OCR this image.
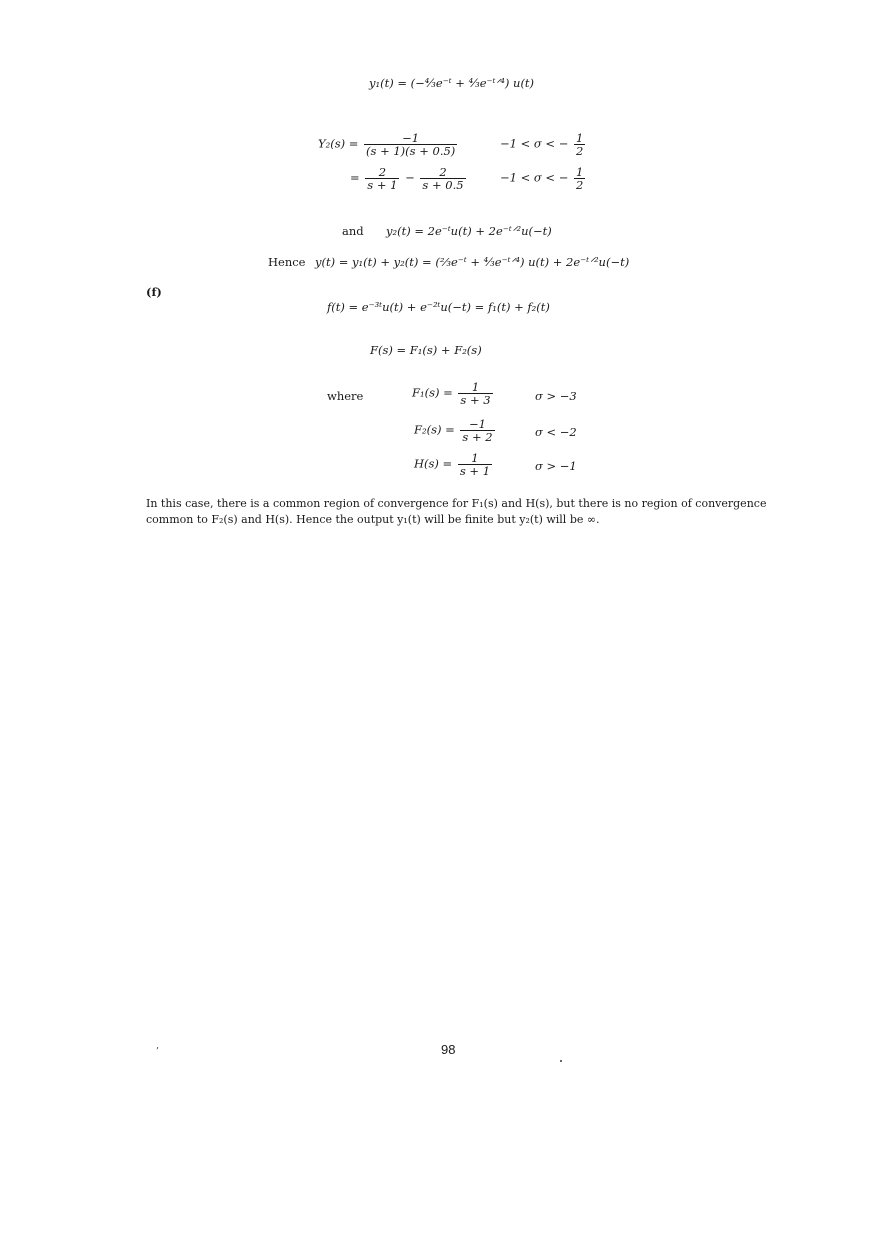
y₁(t) = (−⁴⁄₃e⁻ᵗ + ⁴⁄₃e⁻ᵗᐟ⁴) u(t)
$Y_2(s) = \frac{-1}{(s + 1)(s + 0.5)}$	−1 < σ < − $\frac{1}{2}$
= $\frac{2}{s + 1} - \frac{2}{s + 0.5}$	−1 < σ < − $\frac{1}{2}$
and y₂(t) = 2e⁻ᵗu(t) + 2e⁻ᵗᐟ²u(−t)
Hence y(t) = y₁(t) + y₂(t) = (⅔e⁻ᵗ + ⁴⁄₃e⁻ᵗᐟ⁴) u(t) + 2e⁻ᵗᐟ²u(−t)
(f)
f(t) = e⁻³ᵗu(t) + e⁻²ᵗu(−t) = f₁(t) + f₂(t)
F(s) = F₁(s) + F₂(s)
where	$F_1(s) = \frac{1}{s + 3}$	σ > −3
$F_2(s) = \frac{-1}{s + 2}$	σ < −2
$H(s) = \frac{1}{s + 1}$	σ > −1
In this case, there is a common region of convergence for F₁(s) and H(s), but there is no region of convergence common to F₂(s) and H(s). Hence the output y₁(t) will be finite but y₂(t) will be ∞.
98
’
